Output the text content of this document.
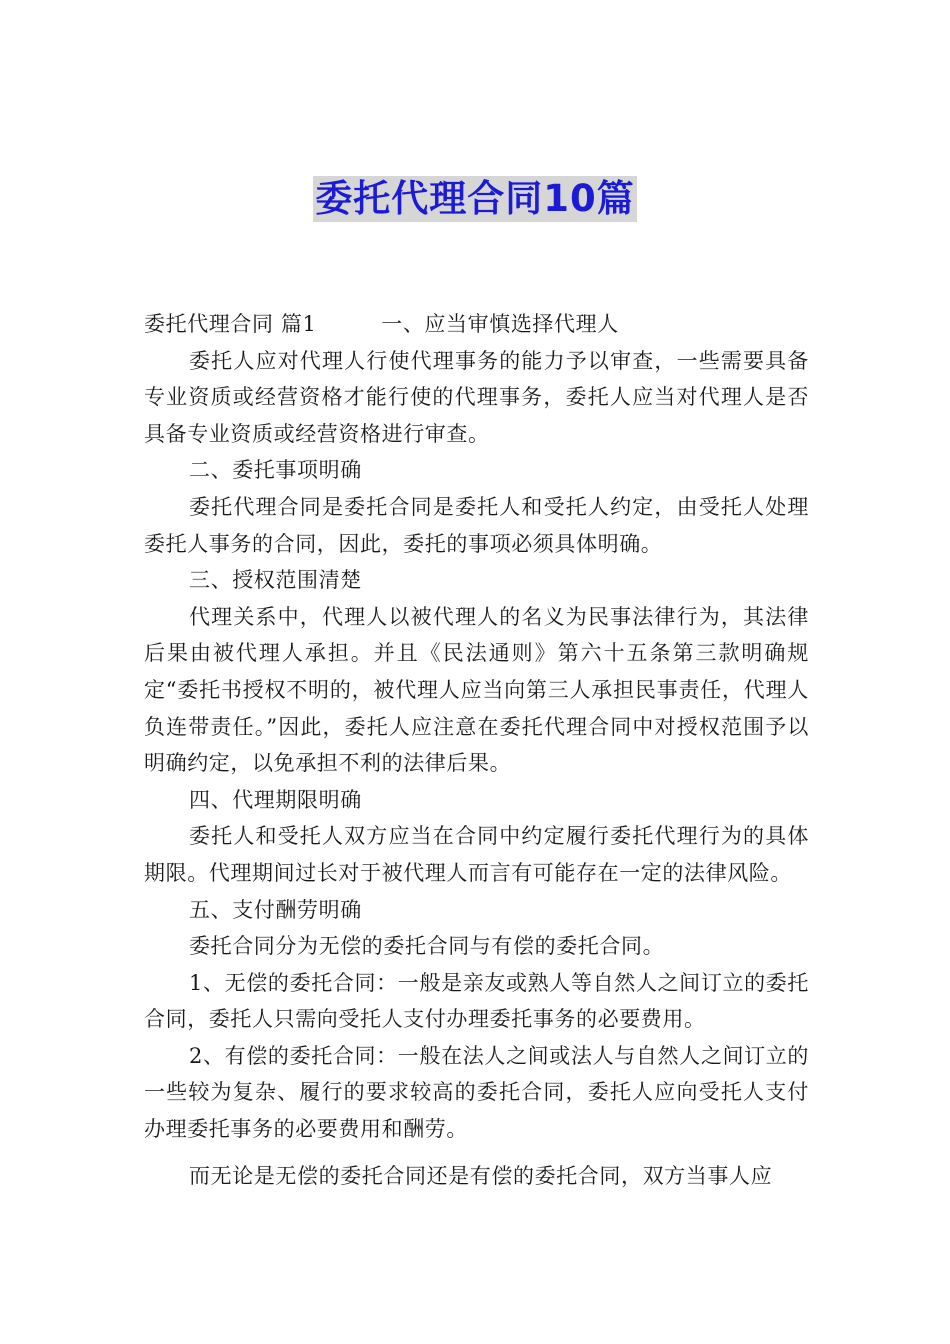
委托代理合同10篇

委托代理合同 篇1　　　一、应当审慎选择代理人

委托人应对代理人行使代理事务的能力予以审查，一些需要具备专业资质或经营资格才能行使的代理事务，委托人应当对代理人是否具备专业资质或经营资格进行审查。

二、委托事项明确

委托代理合同是委托合同是委托人和受托人约定，由受托人处理委托人事务的合同，因此，委托的事项必须具体明确。

三、授权范围清楚

代理关系中，代理人以被代理人的名义为民事法律行为，其法律后果由被代理人承担。并且《民法通则》第六十五条第三款明确规定“委托书授权不明的，被代理人应当向第三人承担民事责任，代理人负连带责任。”因此，委托人应注意在委托代理合同中对授权范围予以明确约定，以免承担不利的法律后果。

四、代理期限明确

委托人和受托人双方应当在合同中约定履行委托代理行为的具体期限。代理期间过长对于被代理人而言有可能存在一定的法律风险。

五、支付酬劳明确

委托合同分为无偿的委托合同与有偿的委托合同。

1、无偿的委托合同：一般是亲友或熟人等自然人之间订立的委托合同，委托人只需向受托人支付办理委托事务的必要费用。

2、有偿的委托合同：一般在法人之间或法人与自然人之间订立的一些较为复杂、履行的要求较高的委托合同，委托人应向受托人支付办理委托事务的必要费用和酬劳。

而无论是无偿的委托合同还是有偿的委托合同，双方当事人应
